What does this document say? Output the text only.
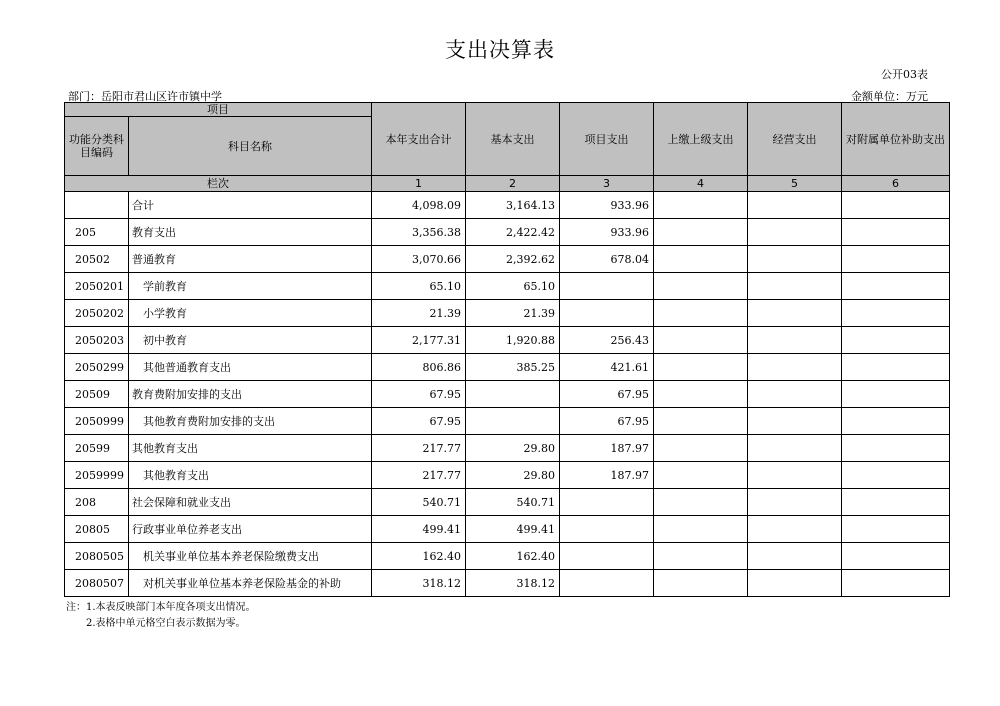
支出决算表
公开03表
部门：岳阳市君山区许市镇中学	金额单位：万元
项目		本年支出合计	基本支出	项目支出	上缴上级支出	经营支出	对附属单位补助支出
功能分类科目编码	科目名称						
栏次		1	2	3	4	5	6
	合计	4,098.09	3,164.13	933.96			
205	教育支出	3,356.38	2,422.42	933.96			
20502	普通教育	3,070.66	2,392.62	678.04			
2050201	学前教育	65.10	65.10				
2050202	小学教育	21.39	21.39				
2050203	初中教育	2,177.31	1,920.88	256.43			
2050299	其他普通教育支出	806.86	385.25	421.61			
20509	教育费附加安排的支出	67.95		67.95			
2050999	其他教育费附加安排的支出	67.95		67.95			
20599	其他教育支出	217.77	29.80	187.97			
2059999	其他教育支出	217.77	29.80	187.97			
208	社会保障和就业支出	540.71	540.71				
20805	行政事业单位养老支出	499.41	499.41				
2080505	机关事业单位基本养老保险缴费支出	162.40	162.40				
2080507	对机关事业单位基本养老保险基金的补助	318.12	318.12				
注：1.本表反映部门本年度各项支出情况。
2.表格中单元格空白表示数据为零。
